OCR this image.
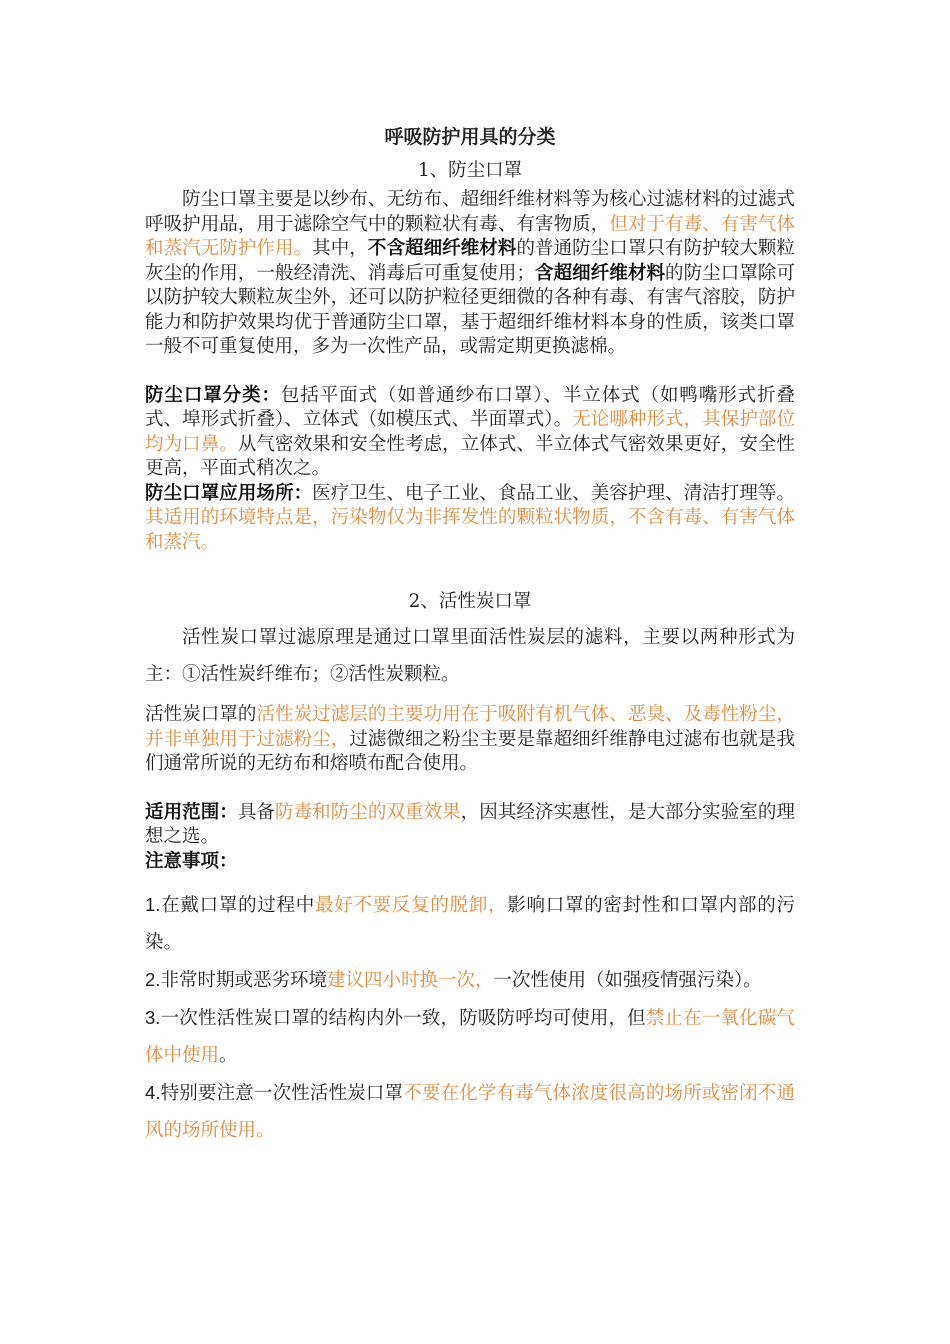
呼吸防护用具的分类

1、防尘口罩

防尘口罩主要是以纱布、无纺布、超细纤维材料等为核心过滤材料的过滤式呼吸护用品，用于滤除空气中的颗粒状有毒、有害物质，但对于有毒、有害气体和蒸汽无防护作用。其中，不含超细纤维材料的普通防尘口罩只有防护较大颗粒灰尘的作用，一般经清洗、消毒后可重复使用；含超细纤维材料的防尘口罩除可以防护较大颗粒灰尘外，还可以防护粒径更细微的各种有毒、有害气溶胶，防护能力和防护效果均优于普通防尘口罩，基于超细纤维材料本身的性质，该类口罩一般不可重复使用，多为一次性产品，或需定期更换滤棉。

防尘口罩分类：包括平面式（如普通纱布口罩）、半立体式（如鸭嘴形式折叠式、埠形式折叠）、立体式（如模压式、半面罩式）。无论哪种形式，其保护部位均为口鼻。从气密效果和安全性考虑，立体式、半立体式气密效果更好，安全性更高，平面式稍次之。

防尘口罩应用场所：医疗卫生、电子工业、食品工业、美容护理、清洁打理等。其适用的环境特点是，污染物仅为非挥发性的颗粒状物质，不含有毒、有害气体和蒸汽。

2、活性炭口罩

活性炭口罩过滤原理是通过口罩里面活性炭层的滤料，主要以两种形式为主：①活性炭纤维布；②活性炭颗粒。

活性炭口罩的活性炭过滤层的主要功用在于吸附有机气体、恶臭、及毒性粉尘，并非单独用于过滤粉尘，过滤微细之粉尘主要是靠超细纤维静电过滤布也就是我们通常所说的无纺布和熔喷布配合使用。

适用范围：具备防毒和防尘的双重效果，因其经济实惠性，是大部分实验室的理想之选。

注意事项：

1.在戴口罩的过程中最好不要反复的脱卸，影响口罩的密封性和口罩内部的污染。

2.非常时期或恶劣环境建议四小时换一次，一次性使用（如强疫情强污染）。

3.一次性活性炭口罩的结构内外一致，防吸防呼均可使用，但禁止在一氧化碳气体中使用。

4.特别要注意一次性活性炭口罩不要在化学有毒气体浓度很高的场所或密闭不通风的场所使用。
